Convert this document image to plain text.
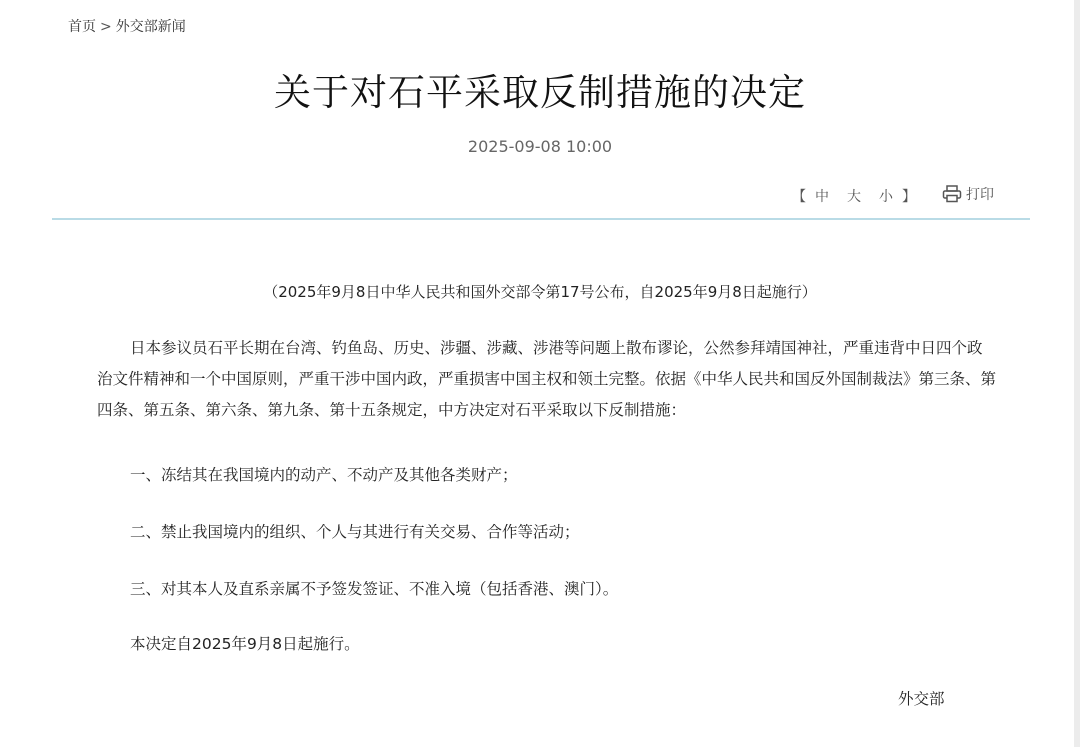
首页 > 外交部新闻
关于对石平采取反制措施的决定
2025-09-08 10:00
【 中 大 小 】	打印
（2025年9月8日中华人民共和国外交部令第17号公布，自2025年9月8日起施行）

日本参议员石平长期在台湾、钓鱼岛、历史、涉疆、涉藏、涉港等问题上散布谬论，公然参拜靖国神社，严重违背中日四个政治文件精神和一个中国原则，严重干涉中国内政，严重损害中国主权和领土完整。依据《中华人民共和国反外国制裁法》第三条、第四条、第五条、第六条、第九条、第十五条规定，中方决定对石平采取以下反制措施：

一、冻结其在我国境内的动产、不动产及其他各类财产；
二、禁止我国境内的组织、个人与其进行有关交易、合作等活动；
三、对其本人及直系亲属不予签发签证、不准入境（包括香港、澳门）。
本决定自2025年9月8日起施行。
外交部
